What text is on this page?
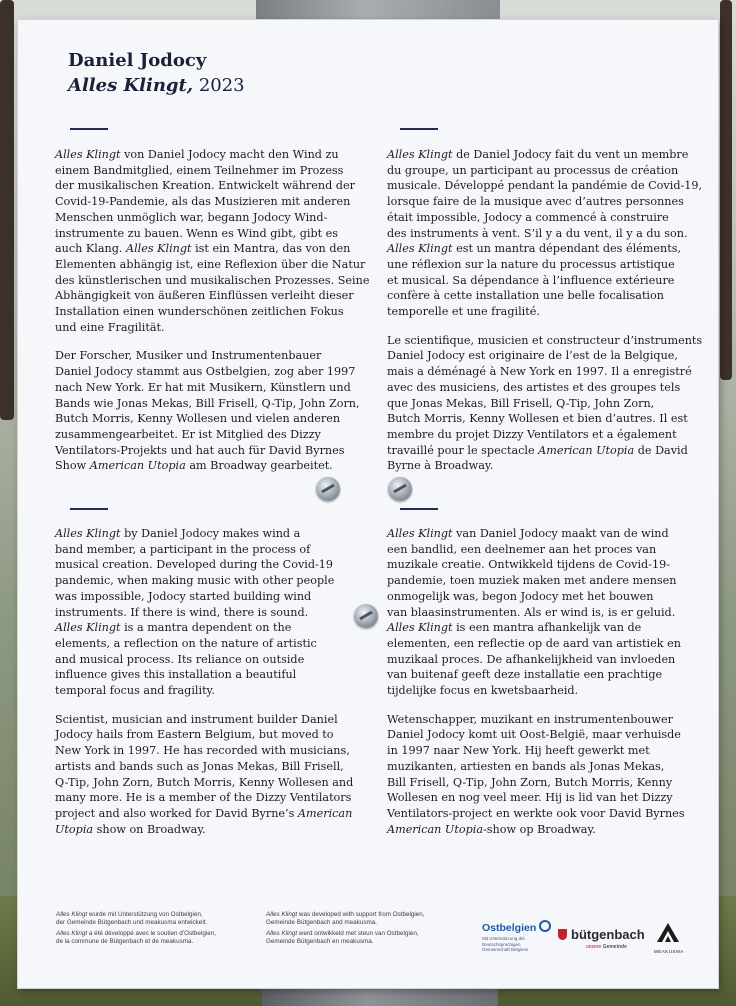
Daniel Jodocy
Alles Klingt, 2023

Alles Klingt von Daniel Jodocy macht den Wind zu
einem Bandmitglied, einem Teilnehmer im Prozess
der musikalischen Kreation. Entwickelt während der
Covid-19-Pandemie, als das Musizieren mit anderen
Menschen unmöglich war, begann Jodocy Wind-
instrumente zu bauen. Wenn es Wind gibt, gibt es
auch Klang. Alles Klingt ist ein Mantra, das von den
Elementen abhängig ist, eine Reflexion über die Natur
des künstlerischen und musikalischen Prozesses. Seine
Abhängigkeit von äußeren Einflüssen verleiht dieser
Installation einen wunderschönen zeitlichen Fokus
und eine Fragilität.

Der Forscher, Musiker und Instrumentenbauer
Daniel Jodocy stammt aus Ostbelgien, zog aber 1997
nach New York. Er hat mit Musikern, Künstlern und
Bands wie Jonas Mekas, Bill Frisell, Q-Tip, John Zorn,
Butch Morris, Kenny Wollesen und vielen anderen
zusammengearbeitet. Er ist Mitglied des Dizzy
Ventilators-Projekts und hat auch für David Byrnes
Show American Utopia am Broadway gearbeitet.

Alles Klingt de Daniel Jodocy fait du vent un membre
du groupe, un participant au processus de création
musicale. Développé pendant la pandémie de Covid-19,
lorsque faire de la musique avec d’autres personnes
était impossible, Jodocy a commencé à construire
des instruments à vent. S’il y a du vent, il y a du son.
Alles Klingt est un mantra dépendant des éléments,
une réflexion sur la nature du processus artistique
et musical. Sa dépendance à l’influence extérieure
confère à cette installation une belle focalisation
temporelle et une fragilité.

Le scientifique, musicien et constructeur d’instruments
Daniel Jodocy est originaire de l’est de la Belgique,
mais a déménagé à New York en 1997. Il a enregistré
avec des musiciens, des artistes et des groupes tels
que Jonas Mekas, Bill Frisell, Q-Tip, John Zorn,
Butch Morris, Kenny Wollesen et bien d’autres. Il est
membre du projet Dizzy Ventilators et a également
travaillé pour le spectacle American Utopia de David
Byrne à Broadway.

Alles Klingt by Daniel Jodocy makes wind a
band member, a participant in the process of
musical creation. Developed during the Covid-19
pandemic, when making music with other people
was impossible, Jodocy started building wind
instruments. If there is wind, there is sound.
Alles Klingt is a mantra dependent on the
elements, a reflection on the nature of artistic
and musical process. Its reliance on outside
influence gives this installation a beautiful
temporal focus and fragility.

Scientist, musician and instrument builder Daniel
Jodocy hails from Eastern Belgium, but moved to
New York in 1997. He has recorded with musicians,
artists and bands such as Jonas Mekas, Bill Frisell,
Q-Tip, John Zorn, Butch Morris, Kenny Wollesen and
many more. He is a member of the Dizzy Ventilators
project and also worked for David Byrne’s American
Utopia show on Broadway.

Alles Klingt van Daniel Jodocy maakt van de wind
een bandlid, een deelnemer aan het proces van
muzikale creatie. Ontwikkeld tijdens de Covid-19-
pandemie, toen muziek maken met andere mensen
onmogelijk was, begon Jodocy met het bouwen
van blaasinstrumenten. Als er wind is, is er geluid.
Alles Klingt is een mantra afhankelijk van de
elementen, een reflectie op de aard van artistiek en
muzikaal proces. De afhankelijkheid van invloeden
van buitenaf geeft deze installatie een prachtige
tijdelijke focus en kwetsbaarheid.

Wetenschapper, muzikant en instrumentenbouwer
Daniel Jodocy komt uit Oost-België, maar verhuisde
in 1997 naar New York. Hij heeft gewerkt met
muzikanten, artiesten en bands als Jonas Mekas,
Bill Frisell, Q-Tip, John Zorn, Butch Morris, Kenny
Wollesen en nog veel meer. Hij is lid van het Dizzy
Ventilators-project en werkte ook voor David Byrnes
American Utopia-show op Broadway.

Alles Klingt wurde mit Unterstützung von Ostbelgien,
der Gemeinde Bütgenbach und meakusma entwickelt.
Alles Klingt a été développé avec le soutien d’Ostbelgien,
de la commune de Bütgenbach et de meakusma.
Alles Klingt was developed with support from Ostbelgien,
Gemeinde Bütgenbach and meakusma.
Alles Klingt werd ontwikkeld met steun van Ostbelgien,
Gemeinde Bütgenbach en meakusma.
Ostbelgien
Mit Unterstützung der Deutschsprachigen Gemeinschaft Belgiens
bütgenbach
unsere Gemeinde
MEAKUSMA
